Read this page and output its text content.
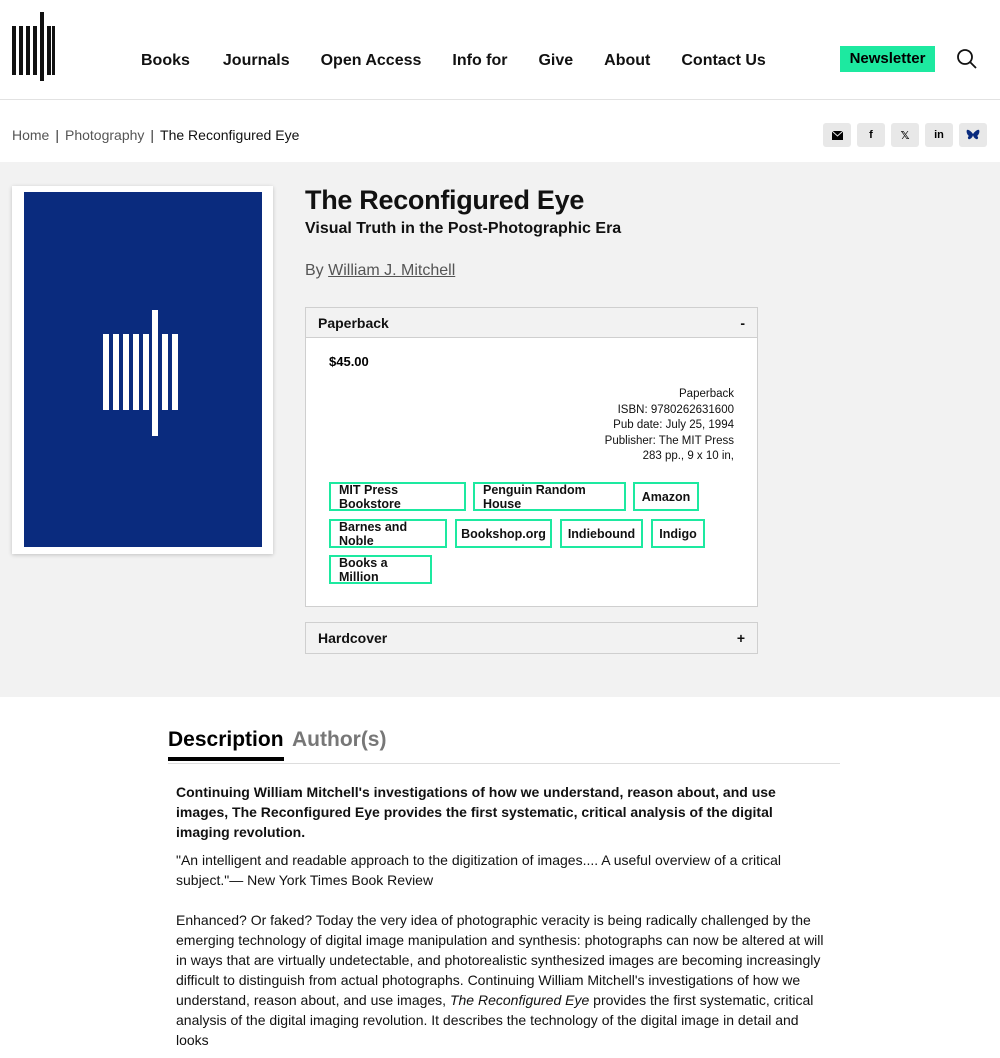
Books Journals Open Access Info for Give About Contact Us	Newsletter
Home | Photography | The Reconfigured Eye	f	𝕏	in
The Reconfigured Eye
Visual Truth in the Post-Photographic Era
By William J. Mitchell
Paperback	-
$45.00
Paperback
ISBN: 9780262631600
Pub date: July 25, 1994
Publisher: The MIT Press
283 pp., 9 x 10 in,
MIT Press Bookstore
Penguin Random House	Amazon
Barnes and Noble	Bookshop.org	Indiebound	Indigo
Books a Million
Hardcover	+
Description Author(s)

Continuing William Mitchell's investigations of how we understand, reason about, and use images, The Reconfigured Eye provides the first systematic, critical analysis of the digital imaging revolution.

"An intelligent and readable approach to the digitization of images.... A useful overview of a critical subject."— New York Times Book Review

Enhanced? Or faked? Today the very idea of photographic veracity is being radically challenged by the emerging technology of digital image manipulation and synthesis: photographs can now be altered at will in ways that are virtually undetectable, and photorealistic synthesized images are becoming increasingly difficult to distinguish from actual photographs. Continuing William Mitchell's investigations of how we understand, reason about, and use images, The Reconfigured Eye provides the first systematic, critical analysis of the digital imaging revolution. It describes the technology of the digital image in detail and looks
